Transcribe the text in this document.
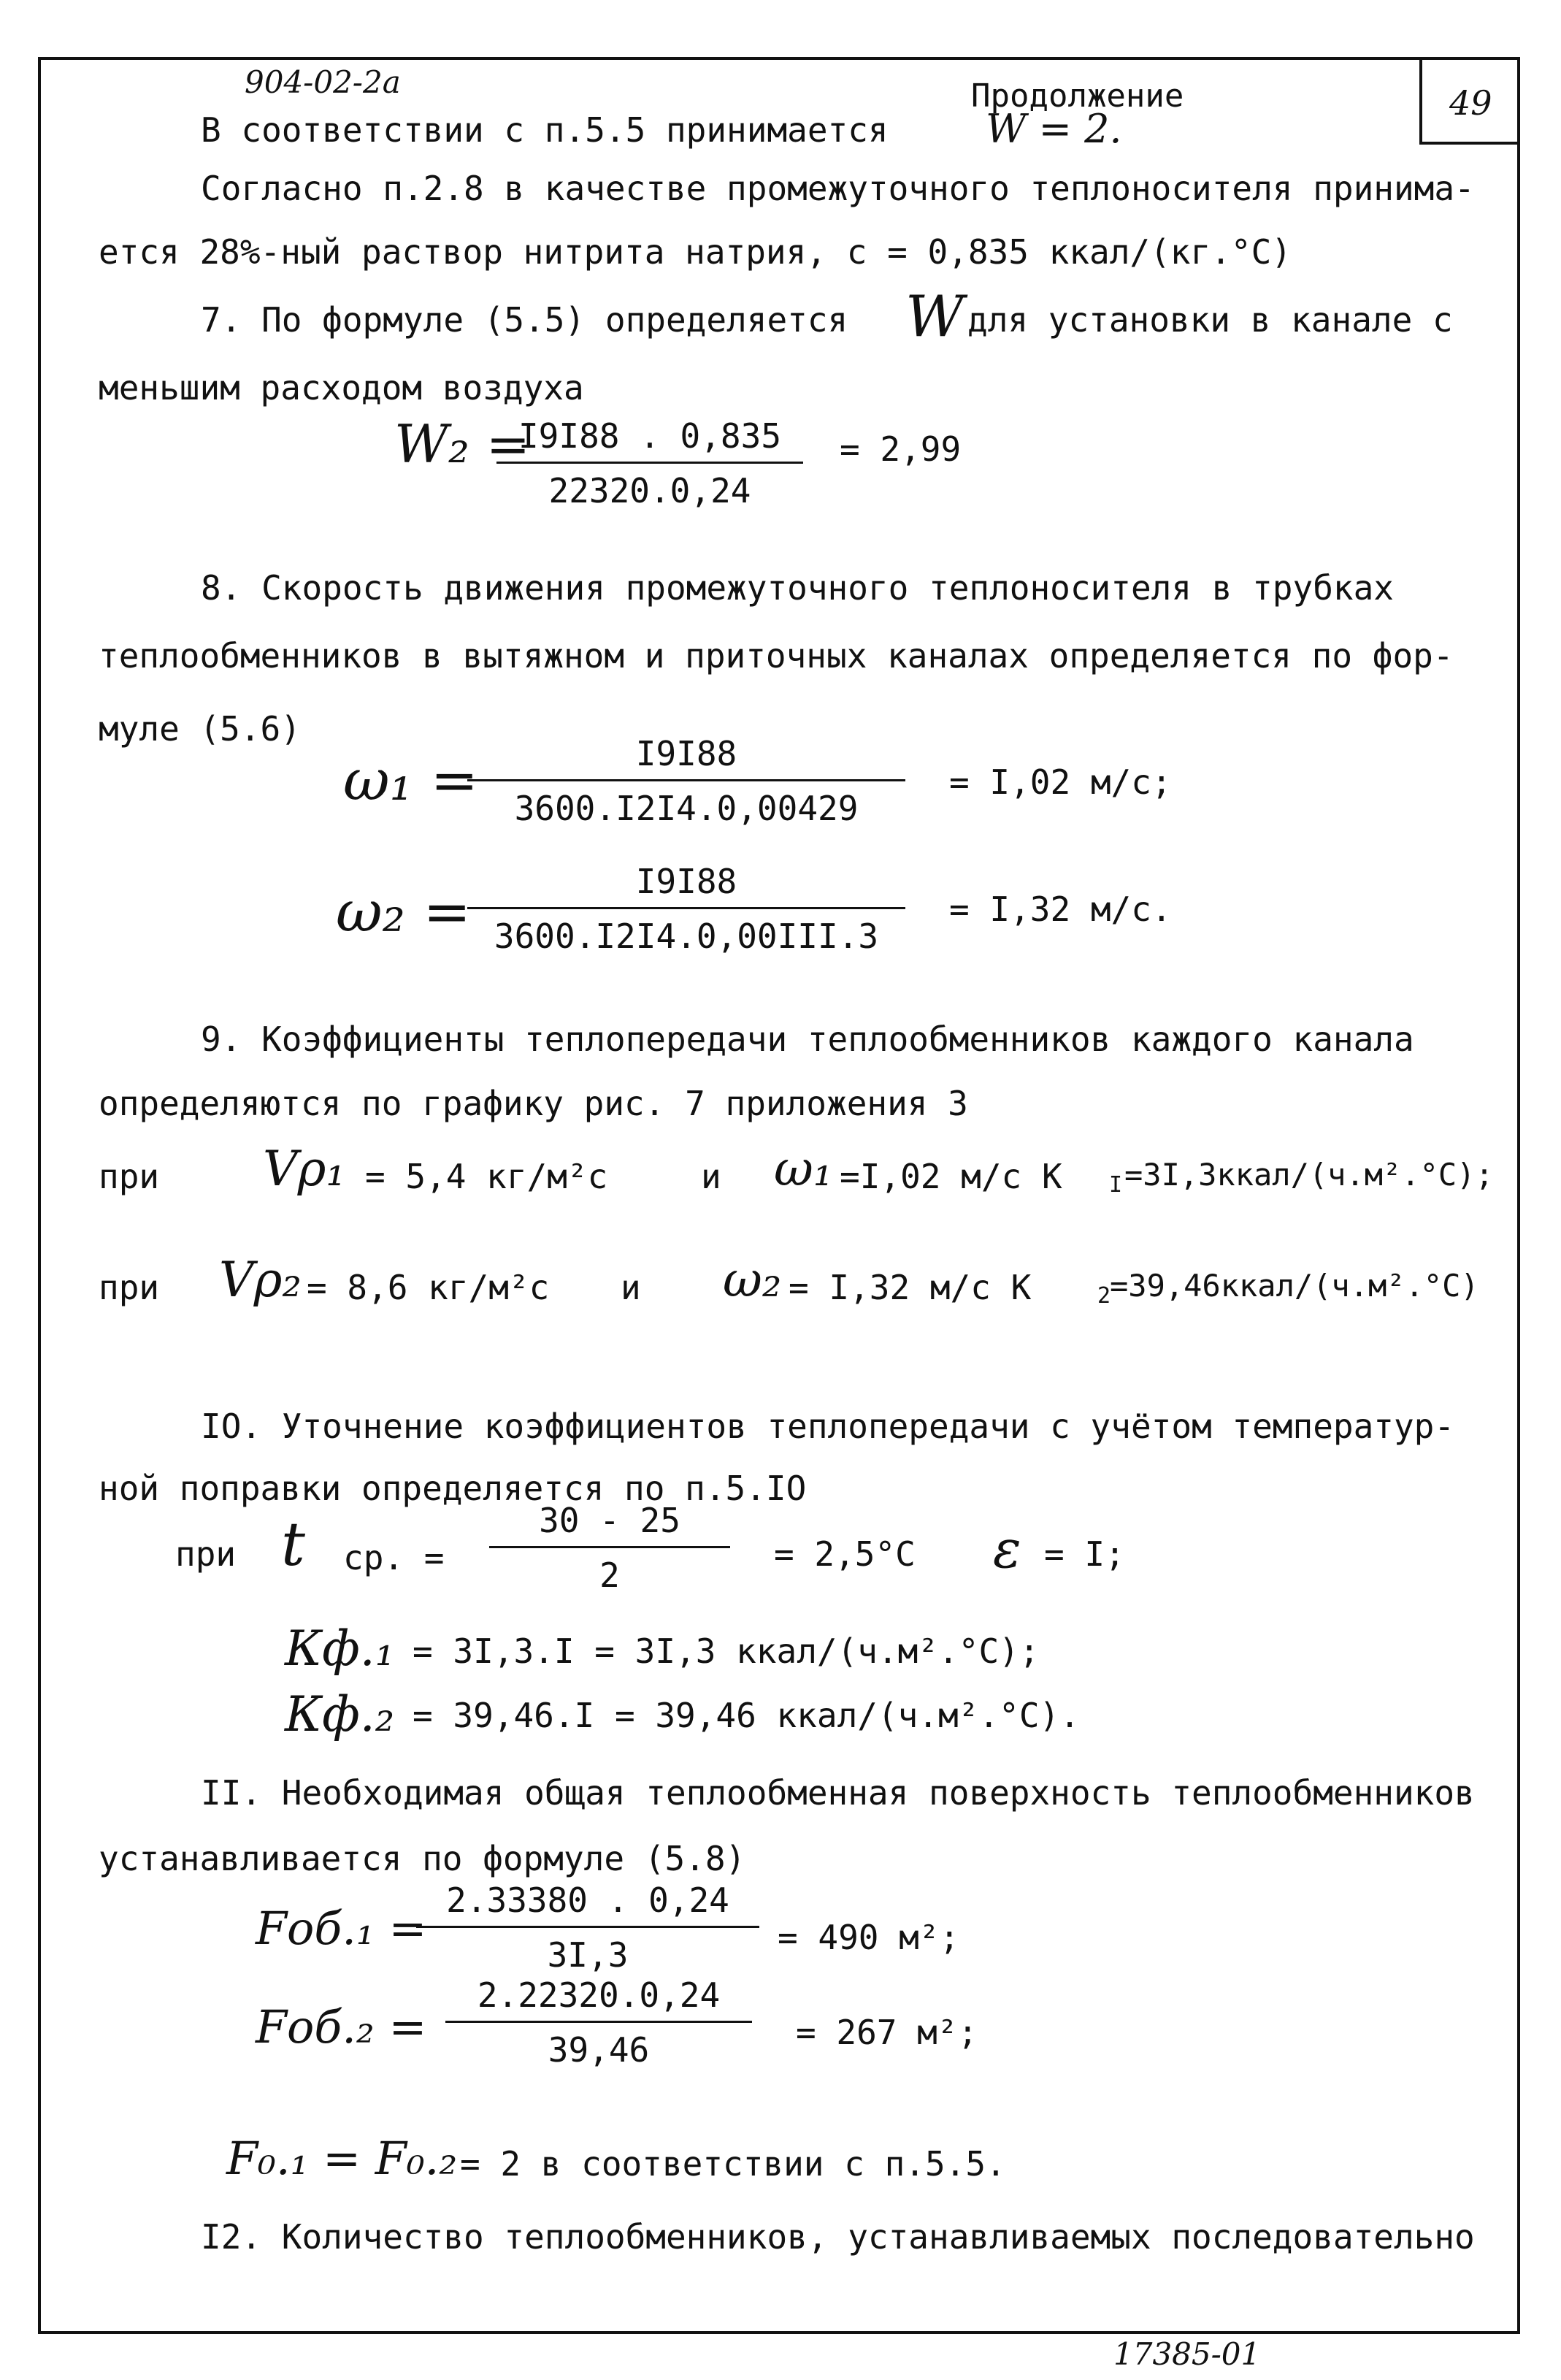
904-02-2a	Продолжение	49
В соответствии с п.5.5 принимается W = 2.
Согласно п.2.8 в качестве промежуточного теплоносителя принима-
ется 28%-ный раствор нитрита натрия, с = 0,835 ккал/(кг.°С)
7. По формуле (5.5) определяется W для установки в канале с
меньшим расходом воздуха
W₂ =
I9I88 . 0,835
22320.0,24
= 2,99
8. Скорость движения промежуточного теплоносителя в трубках
теплообменников в вытяжном и приточных каналах определяется по фор-
муле (5.6)
ω₁ =	I9I88
3600.I2I4.0,00429
= I,02 м/с;
ω₂ =	I9I88
3600.I2I4.0,00III.3
= I,32 м/с.
9. Коэффициенты теплопередачи теплообменников каждого канала
определяются по графику рис. 7 приложения 3
при Vρ₁ = 5,4 кг/м²с	и ω₁ =I,02 м/с К I =3I,3ккал/(ч.м².°С);
при Vρ₂ = 8,6 кг/м²с и ω₂ = I,32 м/с К	2
=39,46ккал/(ч.м².°С)
IO. Уточнение коэффициентов теплопередачи с учётом температур-
ной поправки определяется по п.5.IO
при t ср. =
30 - 25
2
= 2,5°С ε = I;
Кф.₁ = 3I,3.I = 3I,3 ккал/(ч.м².°С);
Кф.₂ = 39,46.I = 39,46 ккал/(ч.м².°С).
II. Необходимая общая теплообменная поверхность теплообменников
устанавливается по формуле (5.8)
Fоб.₁ =
2.33380 . 0,24
3I,3	= 490 м²;
Fоб.₂ =
2.22320.0,24
39,46	= 267 м²;
F₀.₁ = F₀.₂ = 2 в соответствии с п.5.5.
I2. Количество теплообменников, устанавливаемых последовательно
17385-01
